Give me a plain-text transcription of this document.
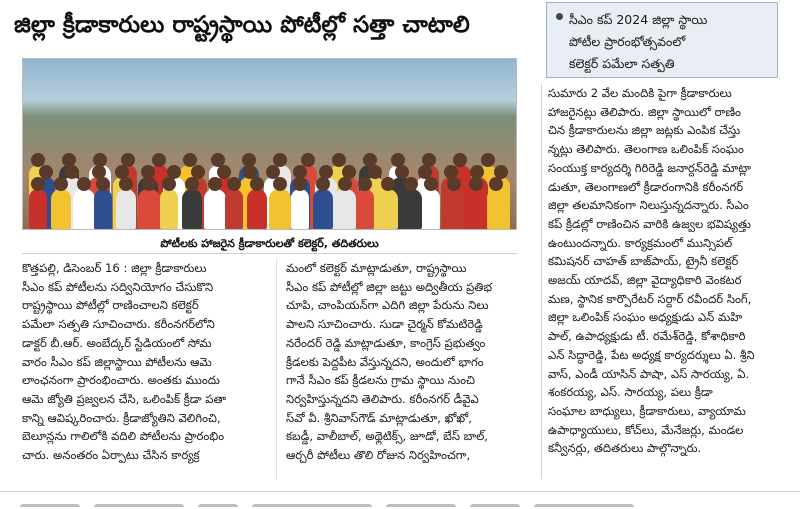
జిల్లా క్రీడాకారులు రాష్ట్రస్థాయి పోటీల్లో సత్తా చాటాలి	సీఎం కప్ 2024 జిల్లా స్థాయి
పోటీల ప్రారంభోత్సవంలో
కలెక్టర్ పమేలా సత్పతి
పోటీలకు హాజరైన క్రీడాకారులతో కలెక్టర్, తదితరులు
కొత్తపల్లి, డిసెంబర్ 16 : జిల్లా క్రీడాకారులు
సీఎం కప్ పోటీలను సద్వినియోగం చేసుకొని
రాష్ట్రస్థాయి పోటీల్లో రాణించాలని కలెక్టర్
పమేలా సత్పతి సూచించారు. కరీంనగర్‌లోని
డాక్టర్ బీ.ఆర్. అంబేద్కర్ స్టేడియంలో సోమ
వారం సీఎం కప్ జిల్లాస్థాయి పోటీలను ఆమె
లాంఛనంగా ప్రారంభించారు. అంతకు ముందు
ఆమె జ్యోతి ప్రజ్వలన చేసి, ఒలింపిక్ క్రీడా పతా
కాన్ని ఆవిష్కరించారు. క్రీడాజ్యోతిని వెలిగించి,
బెలూన్లను గాలిలోకి వదిలి పోటీలను ప్రారంభిం
చారు. అనంతరం ఏర్పాటు చేసిన కార్యక్ర
మంలో కలెక్టర్ మాట్లాడుతూ, రాష్ట్రస్థాయి
సీఎం కప్ పోటీల్లో జిల్లా జట్టు అద్వితీయ ప్రతిభ
చూపి, చాంపియన్‌గా ఎదిగి జిల్లా పేరును నిలు
పాలని సూచించారు. సుడా చైర్మన్ కోమటిరెడ్డి
నరేందర్ రెడ్డి మాట్లాడుతూ, కాంగ్రెస్ ప్రభుత్వం
క్రీడలకు పెద్దపీట వేస్తున్నదని, అందులో భాగం
గానే సీఎం కప్ క్రీడలను గ్రామ స్థాయి నుంచి
నిర్వహిస్తున్నదని తెలిపారు. కరీంనగర్ డీవైఎ
స్‌వో వీ. శ్రీనివాస్‌గౌడ్ మాట్లాడుతూ, ఖోఖో,
కబడ్డీ, వాలీబాల్, అథ్లెటిక్స్, జూడో, బేస్ బాల్,
ఆర్చరీ పోటీలు తొలి రోజున నిర్వహించగా,
సుమారు 2 వేల మందికి పైగా క్రీడాకారులు
హాజరైనట్లు తెలిపారు. జిల్లా స్థాయిలో రాణిం
చిన క్రీడాకారులను జిల్లా జట్లకు ఎంపిక చేస్తు
న్నట్లు తెలిపారు. తెలంగాణ ఒలింపిక్ సంఘం
సంయుక్త కార్యదర్శి గిరిరెడ్డి జనార్దన్‌రెడ్డి మాట్లా
డుతూ, తెలంగాణలో క్రీడారంగానికి కరీంనగర్
జిల్లా తలమానికంగా నిలుస్తున్నదన్నారు. సీఎం
కప్ క్రీడల్లో రాణించిన వారికి ఉజ్వల భవిష్యత్తు
ఉంటుందన్నారు. కార్యక్రమంలో మున్సిపల్
కమిషనర్ చాహత్ బాజ్‌పాయ్, ట్రైనీ కలెక్టర్
అజయ్ యాదవ్, జిల్లా వైద్యాధికారి వెంకటర
మణ, స్థానిక కార్పొరేటర్ సర్దార్ రవీందర్ సింగ్,
జిల్లా ఒలింపిక్ సంఘం అధ్యక్షుడు ఎన్ మహి
పాల్, ఉపాధ్యక్షుడు టీ. రమేశ్‌రెడ్డి, కోశాధికారి
ఎన్ సిద్ధారెడ్డి, పేట అధ్యక్ష కార్యదర్శులు ఏ. శ్రీని
వాస్, ఎండీ యాసిన్ పాషా, ఎస్ సారయ్య, ఏ.
శంకరయ్య, ఎస్. సారయ్య, పలు క్రీడా
సంఘాల బాధ్యులు, క్రీడాకారులు, వ్యాయామ
ఉపాధ్యాయులు, కోచ్‌లు, మేనేజర్లు, మండల
కన్వీనర్లు, తదితరులు పాల్గొన్నారు.
